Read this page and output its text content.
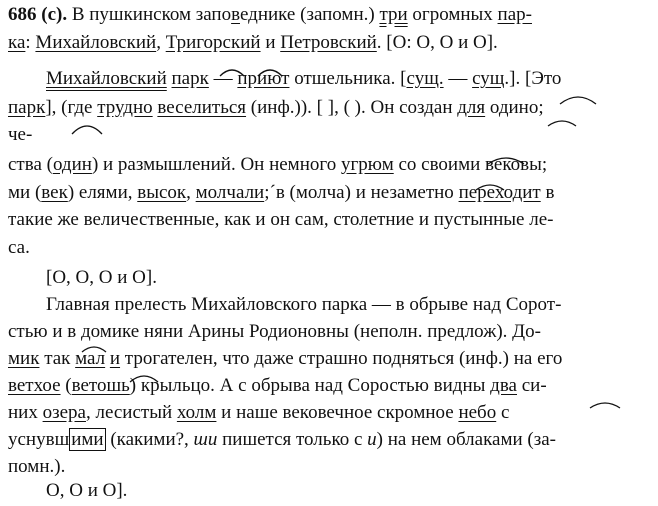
686 (с). В пушкинском заповеднике (запомн.) три огромных пар-
ка: Михайловский, Тригорский и Петровский. [О: О, О и О].
Михайловский парк — приют отшельника. [сущ. — сущ.]. [Это
парк], (где трудно веселиться (инф.)). [ ], ( ). Он создан для одино;
че-
ства (один) и размышлений. Он немного угрюм со своими вековы;
ми (век) елями, высок, молчали;ˊв (молча) и незаметно переходит в
такие же величественные, как и он сам, столетние и пустынные ле-
са.
[О, О, О и О].
Главная прелесть Михайловского парка — в обрыве над Сорот-
стью и в домике няни Арины Родионовны (неполн. предлож). До-
мик так мал и трогателен, что даже страшно подняться (инф.) на его
ветхое (ветошь) крыльцо. А с обрыва над Соростью видны два си-
них озера, лесистый холм и наше вековечное скромное небо с
уснувш ими (какими?, ши пишется только с и) на нем облаками (за-
помн.).
О, О и О].
